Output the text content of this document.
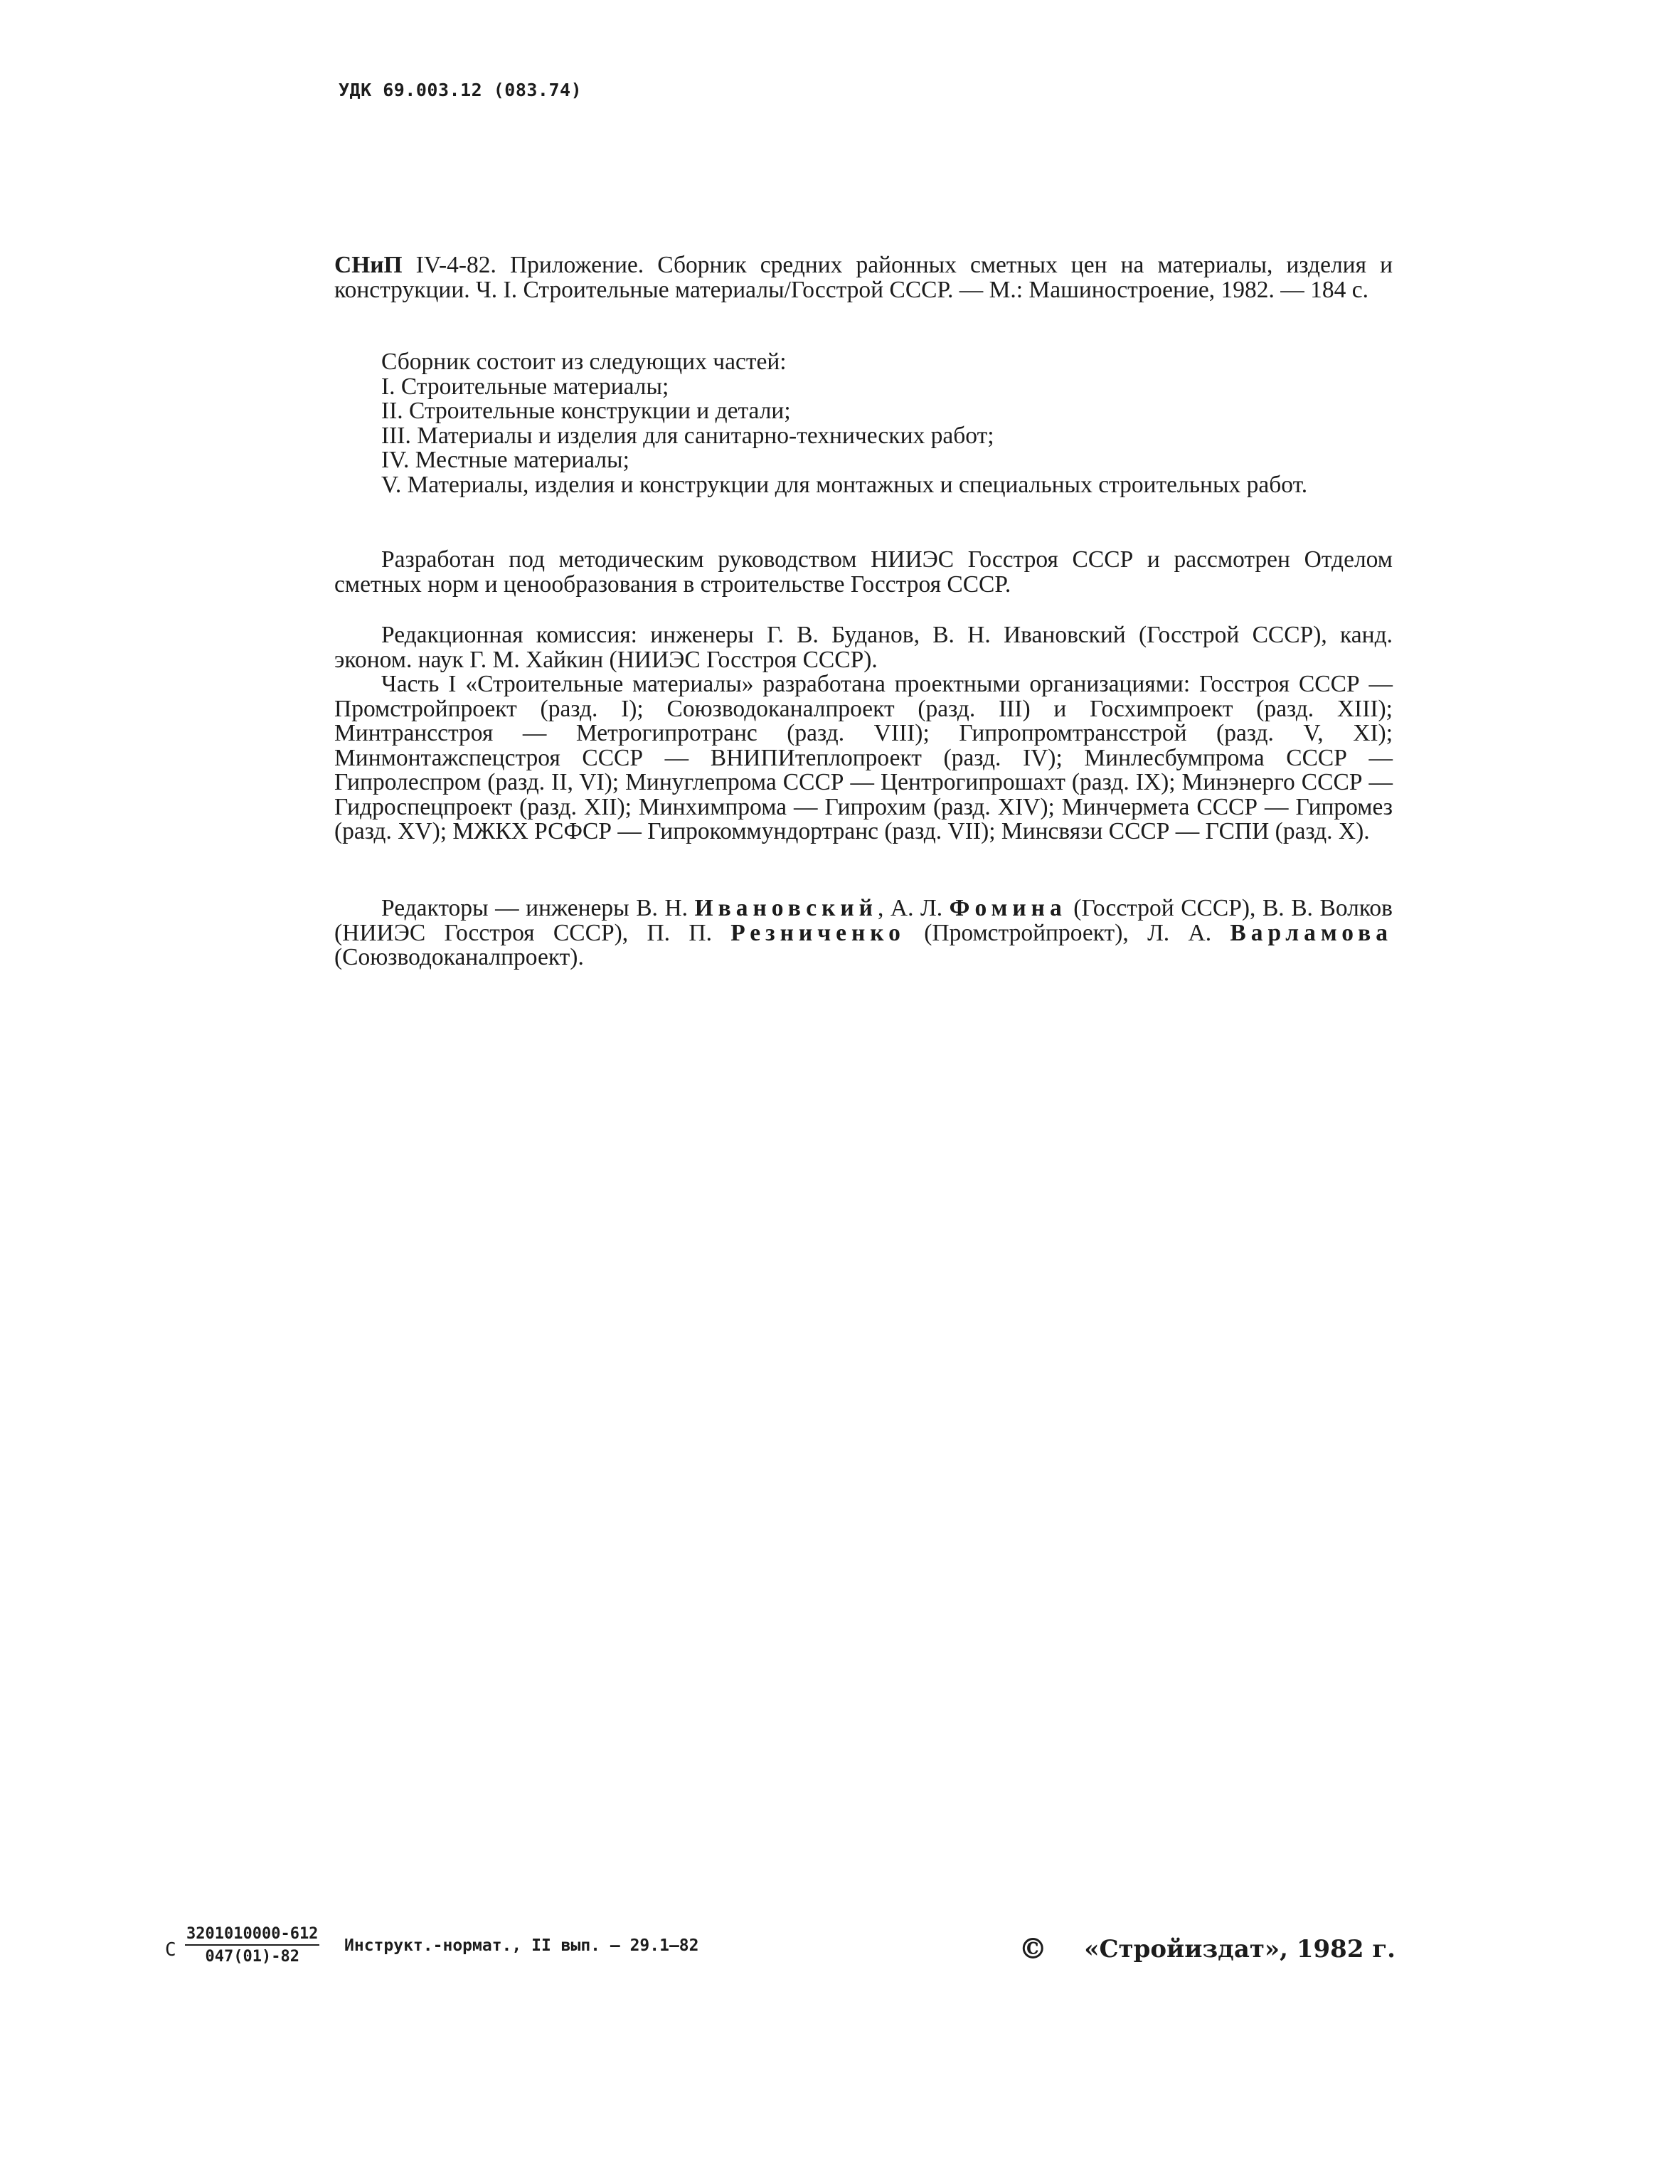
УДК 69.003.12 (083.74)

СНиП IV-4-82. Приложение. Сборник средних районных сметных цен на материалы, изделия и конструкции. Ч. I. Строительные материалы/Госстрой СССР. — М.: Машиностроение, 1982. — 184 с.

Сборник состоит из следующих частей:

I. Строительные материалы;

II. Строительные конструкции и детали;

III. Материалы и изделия для санитарно-технических работ;

IV. Местные материалы;

V. Материалы, изделия и конструкции для монтажных и специальных строительных работ.

Разработан под методическим руководством НИИЭС Госстроя СССР и рассмотрен Отделом сметных норм и ценообразования в строительстве Госстроя СССР.

Редакционная комиссия: инженеры Г. В. Буданов, В. Н. Ивановский (Госстрой СССР), канд. эконом. наук Г. М. Хайкин (НИИЭС Госстроя СССР).

Часть I «Строительные материалы» разработана проектными организациями: Госстроя СССР — Промстройпроект (разд. I); Союзводоканалпроект (разд. III) и Госхимпроект (разд. XIII); Минтрансстроя — Метрогипротранс (разд. VIII); Гипропромтрансстрой (разд. V, XI); Минмонтажспецстроя СССР — ВНИПИтеплопроект (разд. IV); Минлесбумпрома СССР — Гипролеспром (разд. II, VI); Минуглепрома СССР — Центрогипрошахт (разд. IX); Минэнерго СССР — Гидроспецпроект (разд. XII); Минхимпрома — Гипрохим (разд. XIV); Минчермета СССР — Гипромез (разд. XV); МЖКХ РСФСР — Гипрокоммундортранс (разд. VII); Минсвязи СССР — ГСПИ (разд. X).

Редакторы — инженеры В. Н. Ивановский, А. Л. Фомина (Госстрой СССР), В. В. Волков (НИИЭС Госстроя СССР), П. П. Резниченко (Промстройпроект), Л. А. Варламова (Союзводоканалпроект).

С $\frac{3201010000-612}{047(01)-82}$ Инструкт.-нормат., II вып. — 29.1—82	© «Стройиздат», 1982 г.
